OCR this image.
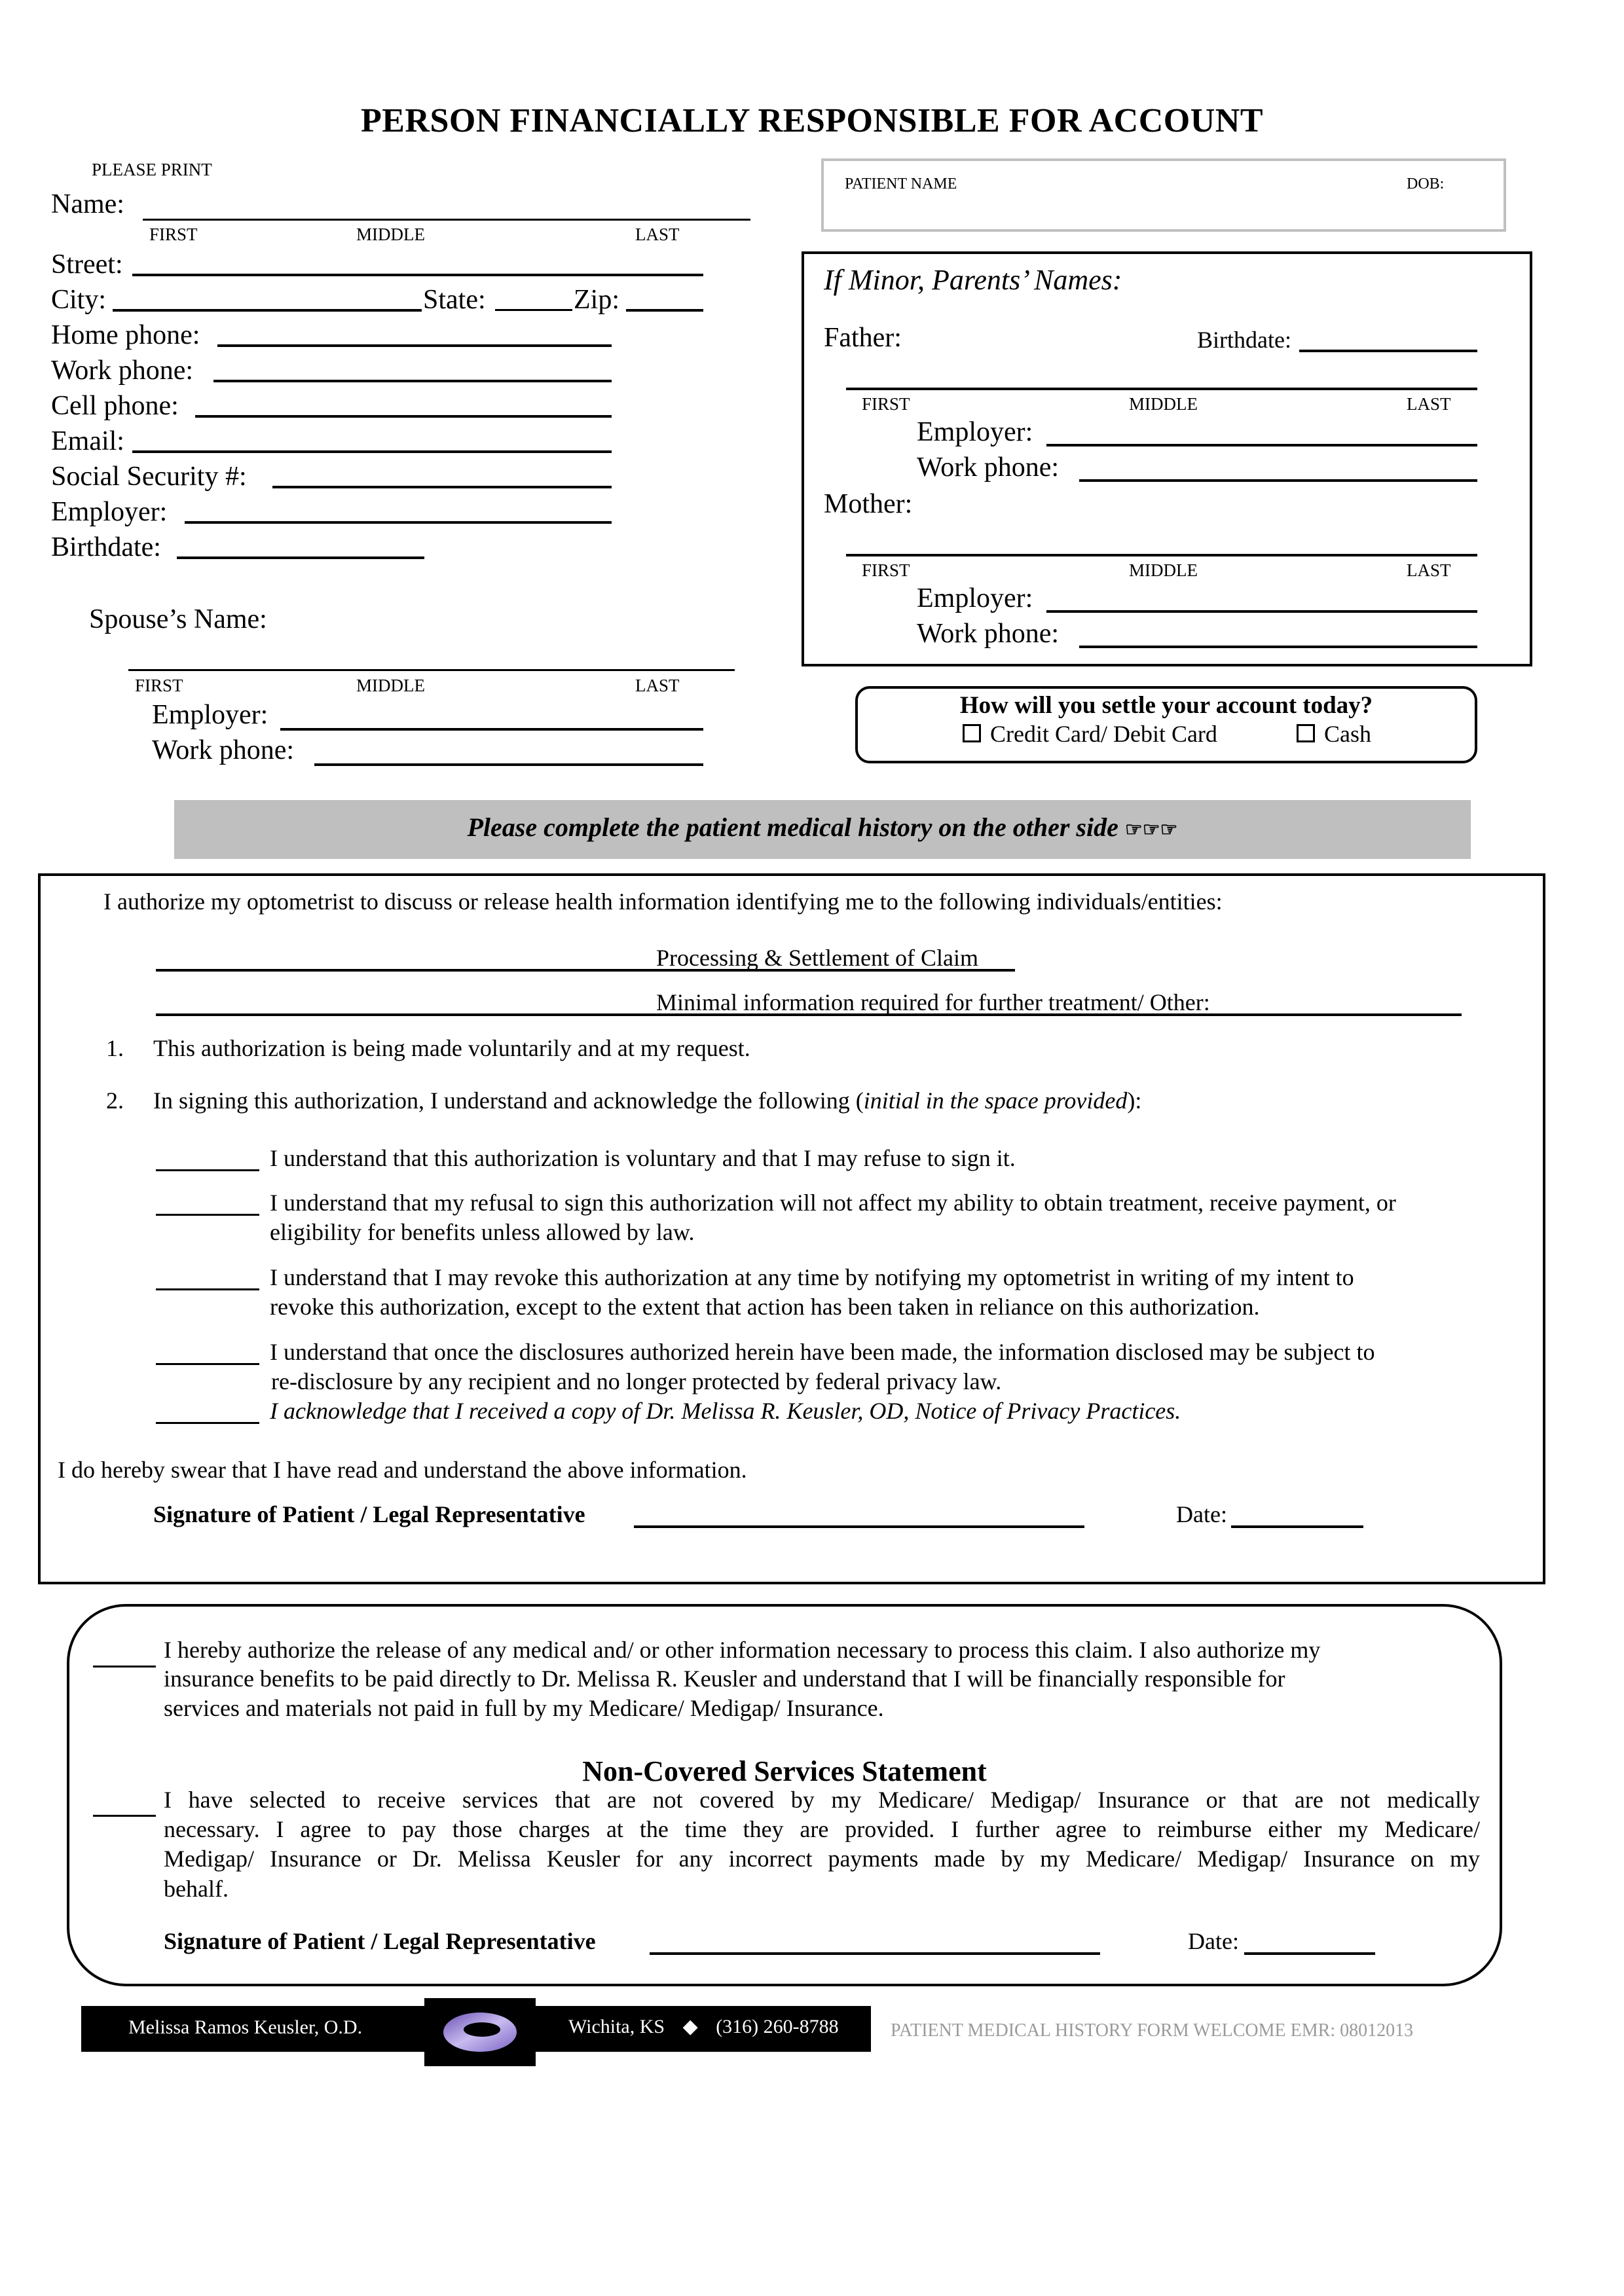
PERSON FINANCIALLY RESPONSIBLE FOR ACCOUNT
PLEASE PRINT
Name:
FIRST	MIDDLE	LAST
Street:
City:	State:	Zip:
Home phone:
Work phone:
Cell phone:
Email:
Social Security #:
Employer:
Birthdate:
Spouse’s Name:
FIRST	MIDDLE	LAST
Employer:
Work phone:
PATIENT NAME	DOB:
If Minor, Parents’ Names:
Father:	Birthdate:
FIRST	MIDDLE	LAST
Employer:
Work phone:
Mother:
FIRST	MIDDLE	LAST
Employer:
Work phone:
How will you settle your account today?
Credit Card/ Debit Card	Cash
Please complete the patient medical history on the other side ☞☞☞
I authorize my optometrist to discuss or release health information identifying me to the following individuals/entities:
Processing & Settlement of Claim
Minimal information required for further treatment/ Other:
1. This authorization is being made voluntarily and at my request.
2. In signing this authorization, I understand and acknowledge the following (initial in the space provided):
I understand that this authorization is voluntary and that I may refuse to sign it.
I understand that my refusal to sign this authorization will not affect my ability to obtain treatment, receive payment, or
eligibility for benefits unless allowed by law.
I understand that I may revoke this authorization at any time by notifying my optometrist in writing of my intent to
revoke this authorization, except to the extent that action has been taken in reliance on this authorization.
I understand that once the disclosures authorized herein have been made, the information disclosed may be subject to
re-disclosure by any recipient and no longer protected by federal privacy law.
I acknowledge that I received a copy of Dr. Melissa R. Keusler, OD, Notice of Privacy Practices.
I do hereby swear that I have read and understand the above information.
Signature of Patient / Legal Representative	Date:
I hereby authorize the release of any medical and/ or other information necessary to process this claim. I also authorize my
insurance benefits to be paid directly to Dr. Melissa R. Keusler and understand that I will be financially responsible for
services and materials not paid in full by my Medicare/ Medigap/ Insurance.
Non-Covered Services Statement
I have selected to receive services that are not covered by my Medicare/ Medigap/ Insurance or that are not medically
necessary. I agree to pay those charges at the time they are provided. I further agree to reimburse either my Medicare/
Medigap/ Insurance or Dr. Melissa Keusler for any incorrect payments made by my Medicare/ Medigap/ Insurance on my
behalf.
Signature of Patient / Legal Representative	Date:
Melissa Ramos Keusler, O.D.	Wichita, KS ◆ (316) 260-8788	PATIENT MEDICAL HISTORY FORM WELCOME EMR: 08012013
